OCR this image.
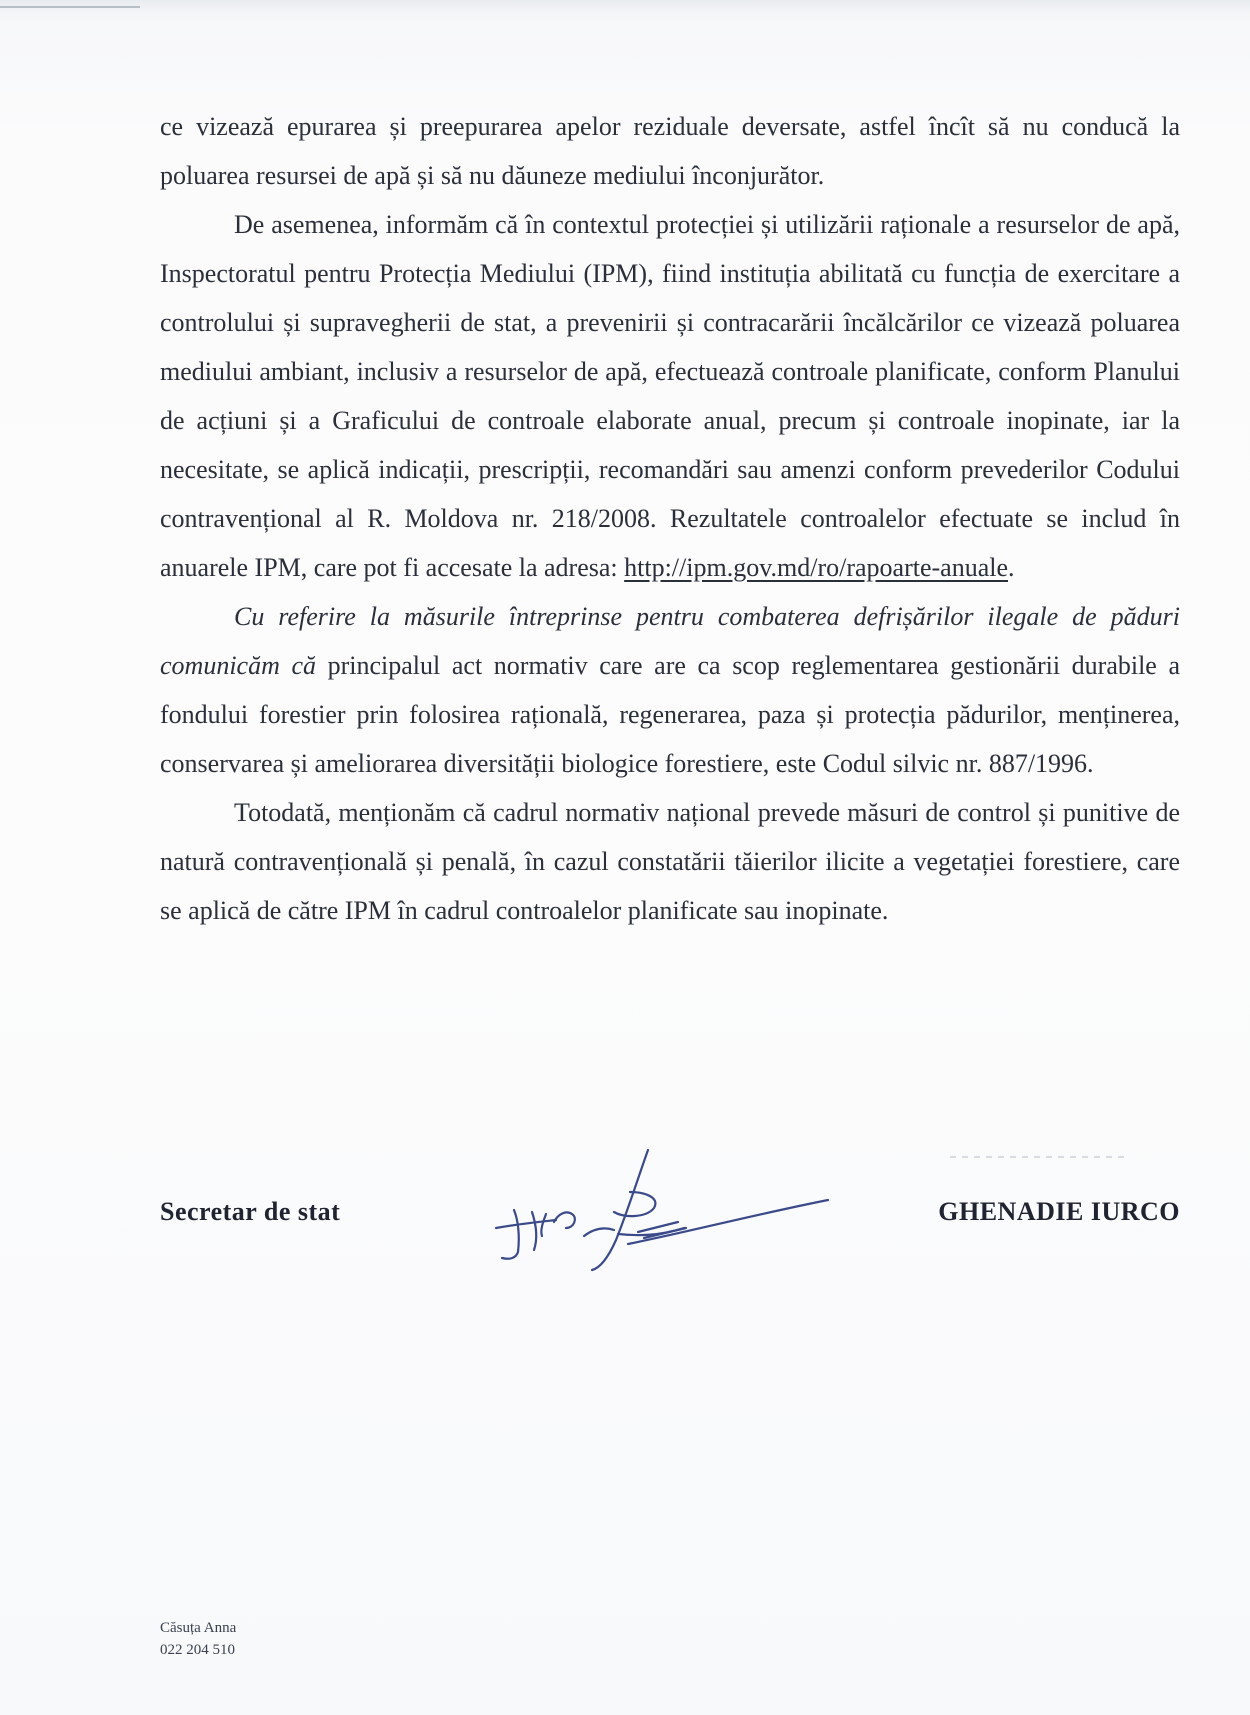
ce vizează epurarea și preepurarea apelor reziduale deversate, astfel încît să nu conducă la poluarea resursei de apă și să nu dăuneze mediului înconjurător.

De asemenea, informăm că în contextul protecției și utilizării raționale a resurselor de apă, Inspectoratul pentru Protecția Mediului (IPM), fiind instituția abilitată cu funcția de exercitare a controlului și supravegherii de stat, a prevenirii și contracarării încălcărilor ce vizează poluarea mediului ambiant, inclusiv a resurselor de apă, efectuează controale planificate, conform Planului de acțiuni și a Graficului de controale elaborate anual, precum și controale inopinate, iar la necesitate, se aplică indicații, prescripții, recomandări sau amenzi conform prevederilor Codului contravențional al R. Moldova nr. 218/2008. Rezultatele controalelor efectuate se includ în anuarele IPM, care pot fi accesate la adresa: http://ipm.gov.md/ro/rapoarte-anuale.

Cu referire la măsurile întreprinse pentru combaterea defrișărilor ilegale de păduri comunicăm că principalul act normativ care are ca scop reglementarea gestionării durabile a fondului forestier prin folosirea rațională, regenerarea, paza și protecția pădurilor, menținerea, conservarea și ameliorarea diversității biologice forestiere, este Codul silvic nr. 887/1996.

Totodată, menționăm că cadrul normativ național prevede măsuri de control și punitive de natură contravențională și penală, în cazul constatării tăierilor ilicite a vegetației forestiere, care se aplică de către IPM în cadrul controalelor planificate sau inopinate.

Secretar de stat	GHENADIE IURCO
Căsuța Anna
022 204 510
